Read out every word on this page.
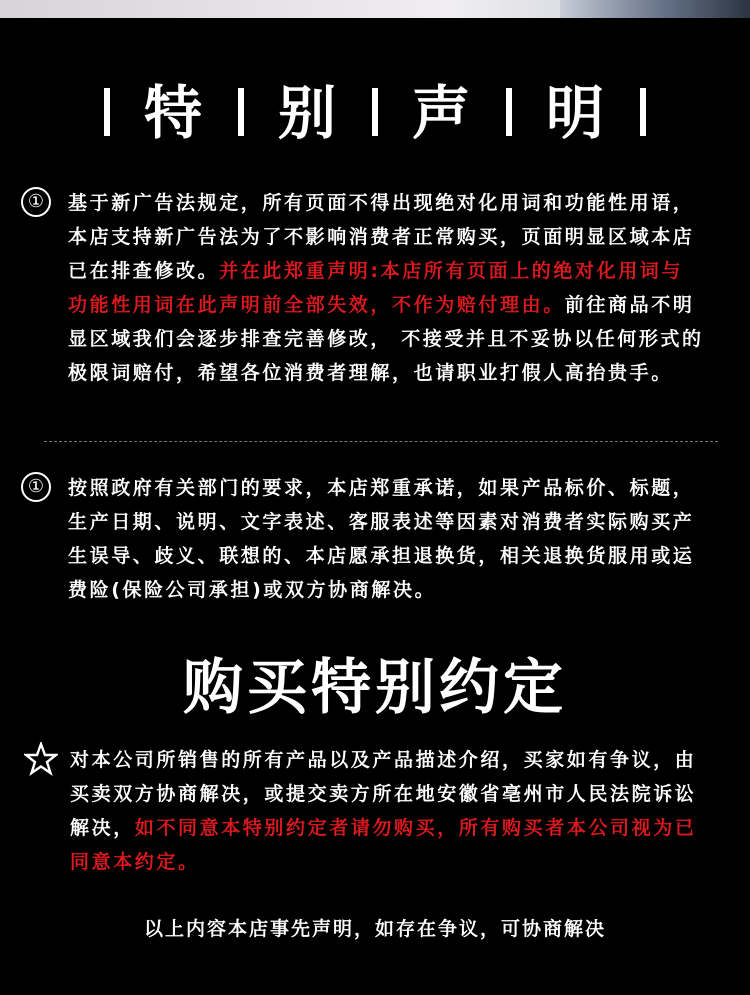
特 别 声 明
①	基于新广告法规定，所有页面不得出现绝对化用词和功能性用语，本店支持新广告法为了不影响消费者正常购买，页面明显区域本店已在排查修改。并在此郑重声明:本店所有页面上的绝对化用词与功能性用词在此声明前全部失效，不作为赔付理由。前往商品不明显区域我们会逐步排查完善修改， 不接受并且不妥协以任何形式的极限词赔付，希望各位消费者理解，也请职业打假人高抬贵手。
①	按照政府有关部门的要求，本店郑重承诺，如果产品标价、标题，生产日期、说明、文字表述、客服表述等因素对消费者实际购买产生误导、歧义、联想的、本店愿承担退换货，相关退换货服用或运费险(保险公司承担)或双方协商解决。
购买特别约定
对本公司所销售的所有产品以及产品描述介绍，买家如有争议，由买卖双方协商解决，或提交卖方所在地安徽省亳州市人民法院诉讼解决，如不同意本特别约定者请勿购买，所有购买者本公司视为已同意本约定。
以上内容本店事先声明，如存在争议，可协商解决
